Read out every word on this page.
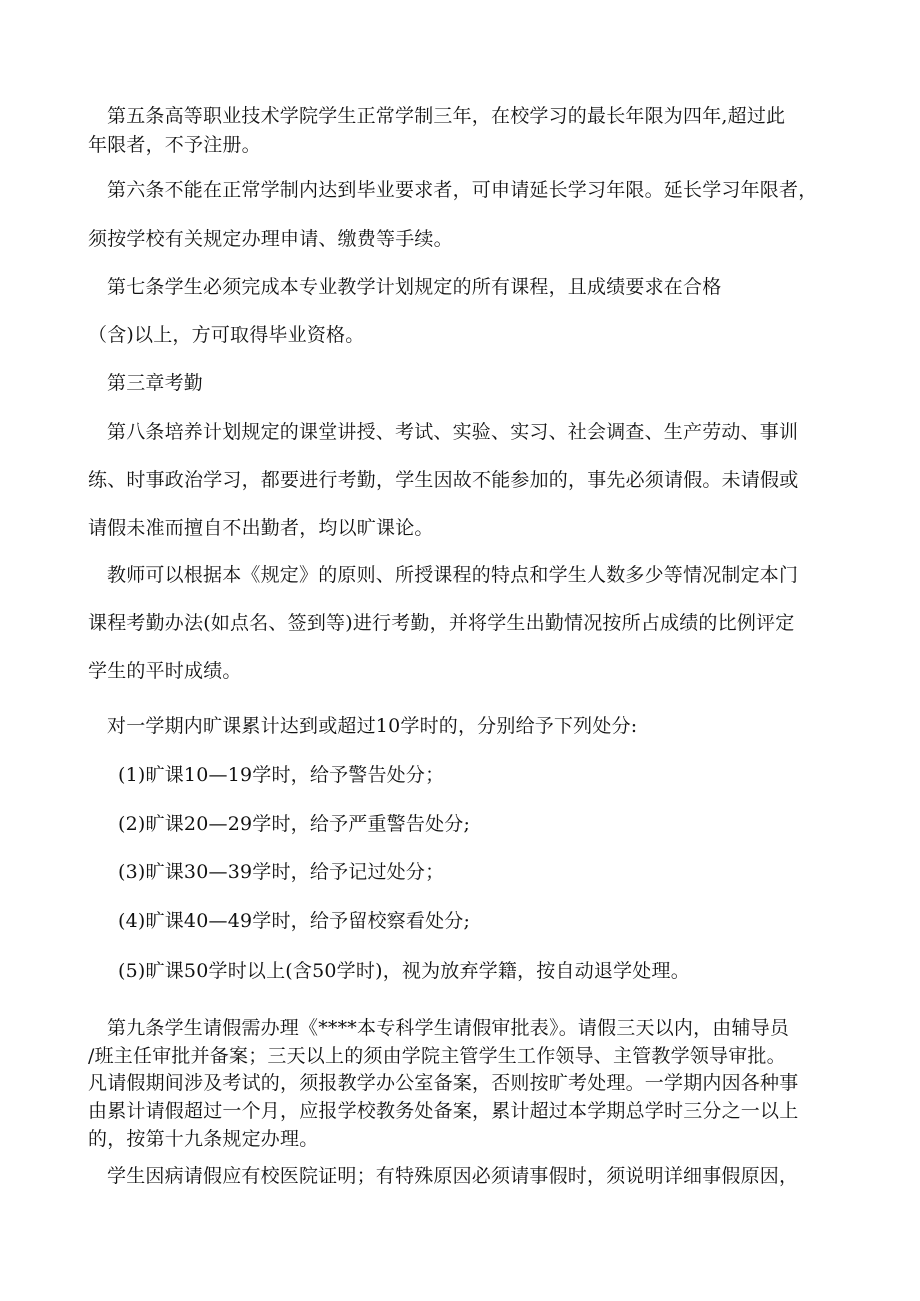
第五条高等职业技术学院学生正常学制三年，在校学习的最长年限为四年,超过此
年限者，不予注册。
第六条不能在正常学制内达到毕业要求者，可申请延长学习年限。延长学习年限者，
须按学校有关规定办理申请、缴费等手续。
第七条学生必须完成本专业教学计划规定的所有课程，且成绩要求在合格
（含)以上，方可取得毕业资格。
第三章考勤
第八条培养计划规定的课堂讲授、考试、实验、实习、社会调查、生产劳动、事训
练、时事政治学习，都要进行考勤，学生因故不能参加的，事先必须请假。未请假或
请假未准而擅自不出勤者，均以旷课论。
教师可以根据本《规定》的原则、所授课程的特点和学生人数多少等情况制定本门
课程考勤办法(如点名、签到等)进行考勤，并将学生出勤情况按所占成绩的比例评定
学生的平时成绩。
对一学期内旷课累计达到或超过10学时的，分别给予下列处分:
(1)旷课10—19学时，给予警告处分；
(2)旷课20—29学时，给予严重警告处分;
(3)旷课30—39学时，给予记过处分；
(4)旷课40—49学时，给予留校察看处分;
(5)旷课50学时以上(含50学时)，视为放弃学籍，按自动退学处理。
第九条学生请假需办理《****本专科学生请假审批表》。请假三天以内，由辅导员
/班主任审批并备案；三天以上的须由学院主管学生工作领导、主管教学领导审批。
凡请假期间涉及考试的，须报教学办公室备案，否则按旷考处理。一学期内因各种事
由累计请假超过一个月，应报学校教务处备案，累计超过本学期总学时三分之一以上
的，按第十九条规定办理。
学生因病请假应有校医院证明；有特殊原因必须请事假时，须说明详细事假原因，
